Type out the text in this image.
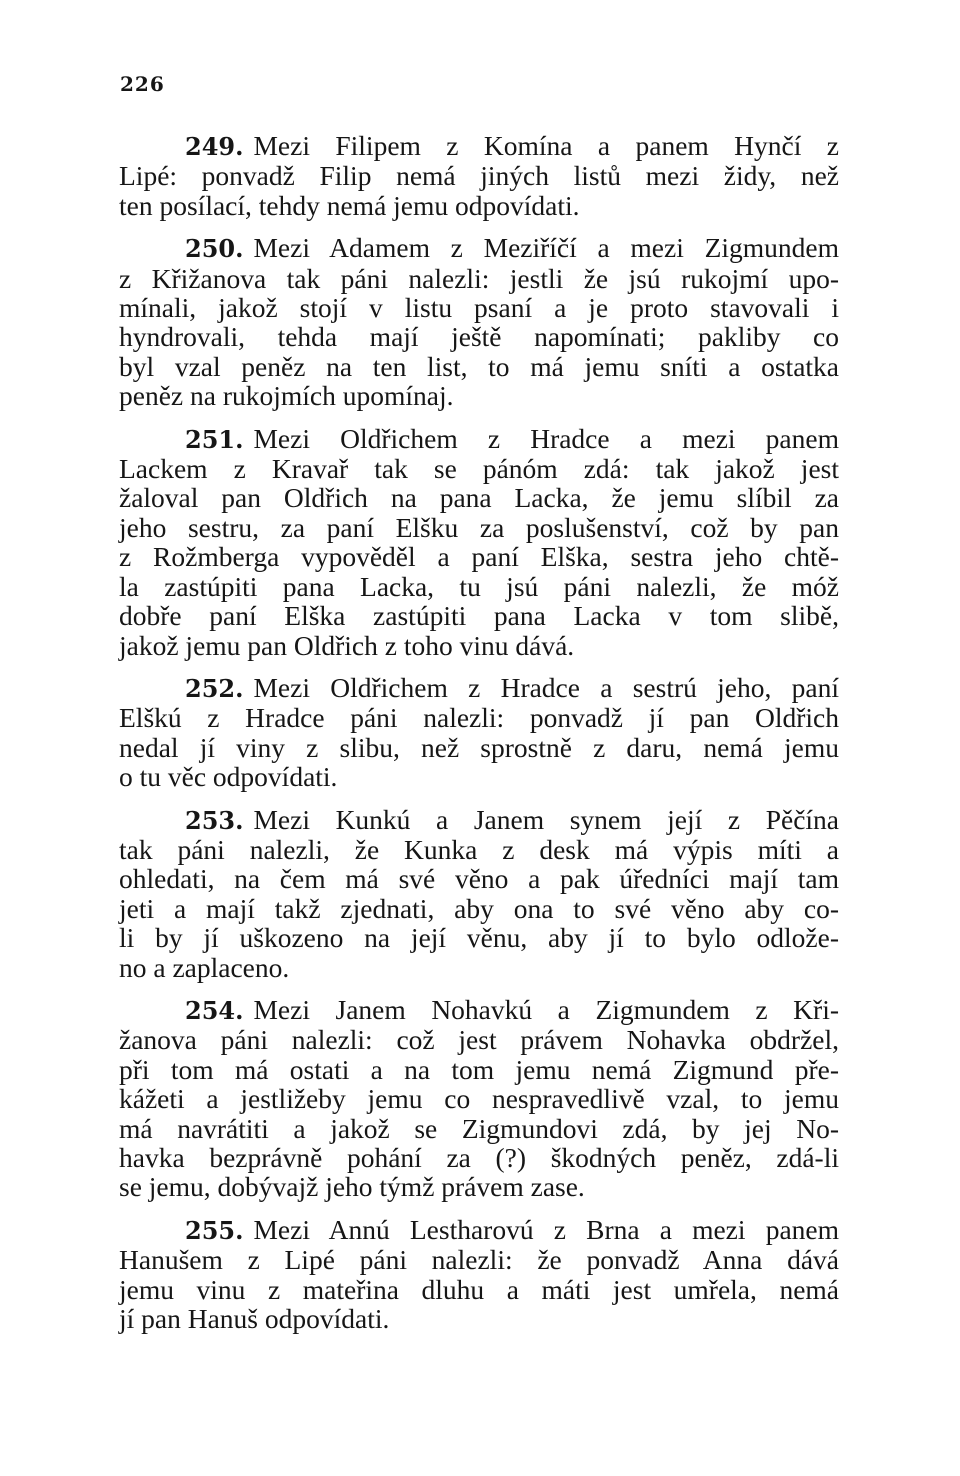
226
249. Mezi Filipem z Komína a panem Hynčí z
Lipé: ponvadž Filip nemá jiných listů mezi židy, než
ten posílací, tehdy nemá jemu odpovídati.
250. Mezi Adamem z Meziříčí a mezi Zigmundem
z Křižanova tak páni nalezli: jestli že jsú rukojmí upo-
mínali, jakož stojí v listu psaní a je proto stavovali i
hyndrovali, tehda mají ještě napomínati; pakliby co
byl vzal peněz na ten list, to má jemu sníti a ostatka
peněz na rukojmích upomínaj.
251. Mezi Oldřichem z Hradce a mezi panem
Lackem z Kravař tak se pánóm zdá: tak jakož jest
žaloval pan Oldřich na pana Lacka, že jemu slíbil za
jeho sestru, za paní Elšku za poslušenství, což by pan
z Rožmberga vypověděl a paní Elška, sestra jeho chtě-
la zastúpiti pana Lacka, tu jsú páni nalezli, že móž
dobře paní Elška zastúpiti pana Lacka v tom slibě,
jakož jemu pan Oldřich z toho vinu dává.
252. Mezi Oldřichem z Hradce a sestrú jeho, paní
Elškú z Hradce páni nalezli: ponvadž jí pan Oldřich
nedal jí viny z slibu, než sprostně z daru, nemá jemu
o tu věc odpovídati.
253. Mezi Kunkú a Janem synem její z Pěčína
tak páni nalezli, že Kunka z desk má výpis míti a
ohledati, na čem má své věno a pak úředníci mají tam
jeti a mají takž zjednati, aby ona to své věno aby co-
li by jí uškozeno na její věnu, aby jí to bylo odlože-
no a zaplaceno.
254. Mezi Janem Nohavkú a Zigmundem z Kři-
žanova páni nalezli: což jest právem Nohavka obdržel,
při tom má ostati a na tom jemu nemá Zigmund pře-
kážeti a jestližeby jemu co nespravedlivě vzal, to jemu
má navrátiti a jakož se Zigmundovi zdá, by jej No-
havka bezprávně pohání za (?) škodných peněz, zdá-li
se jemu, dobývajž jeho týmž právem zase.
255. Mezi Annú Lestharovú z Brna a mezi panem
Hanušem z Lipé páni nalezli: že ponvadž Anna dává
jemu vinu z mateřina dluhu a máti jest umřela, nemá
jí pan Hanuš odpovídati.
